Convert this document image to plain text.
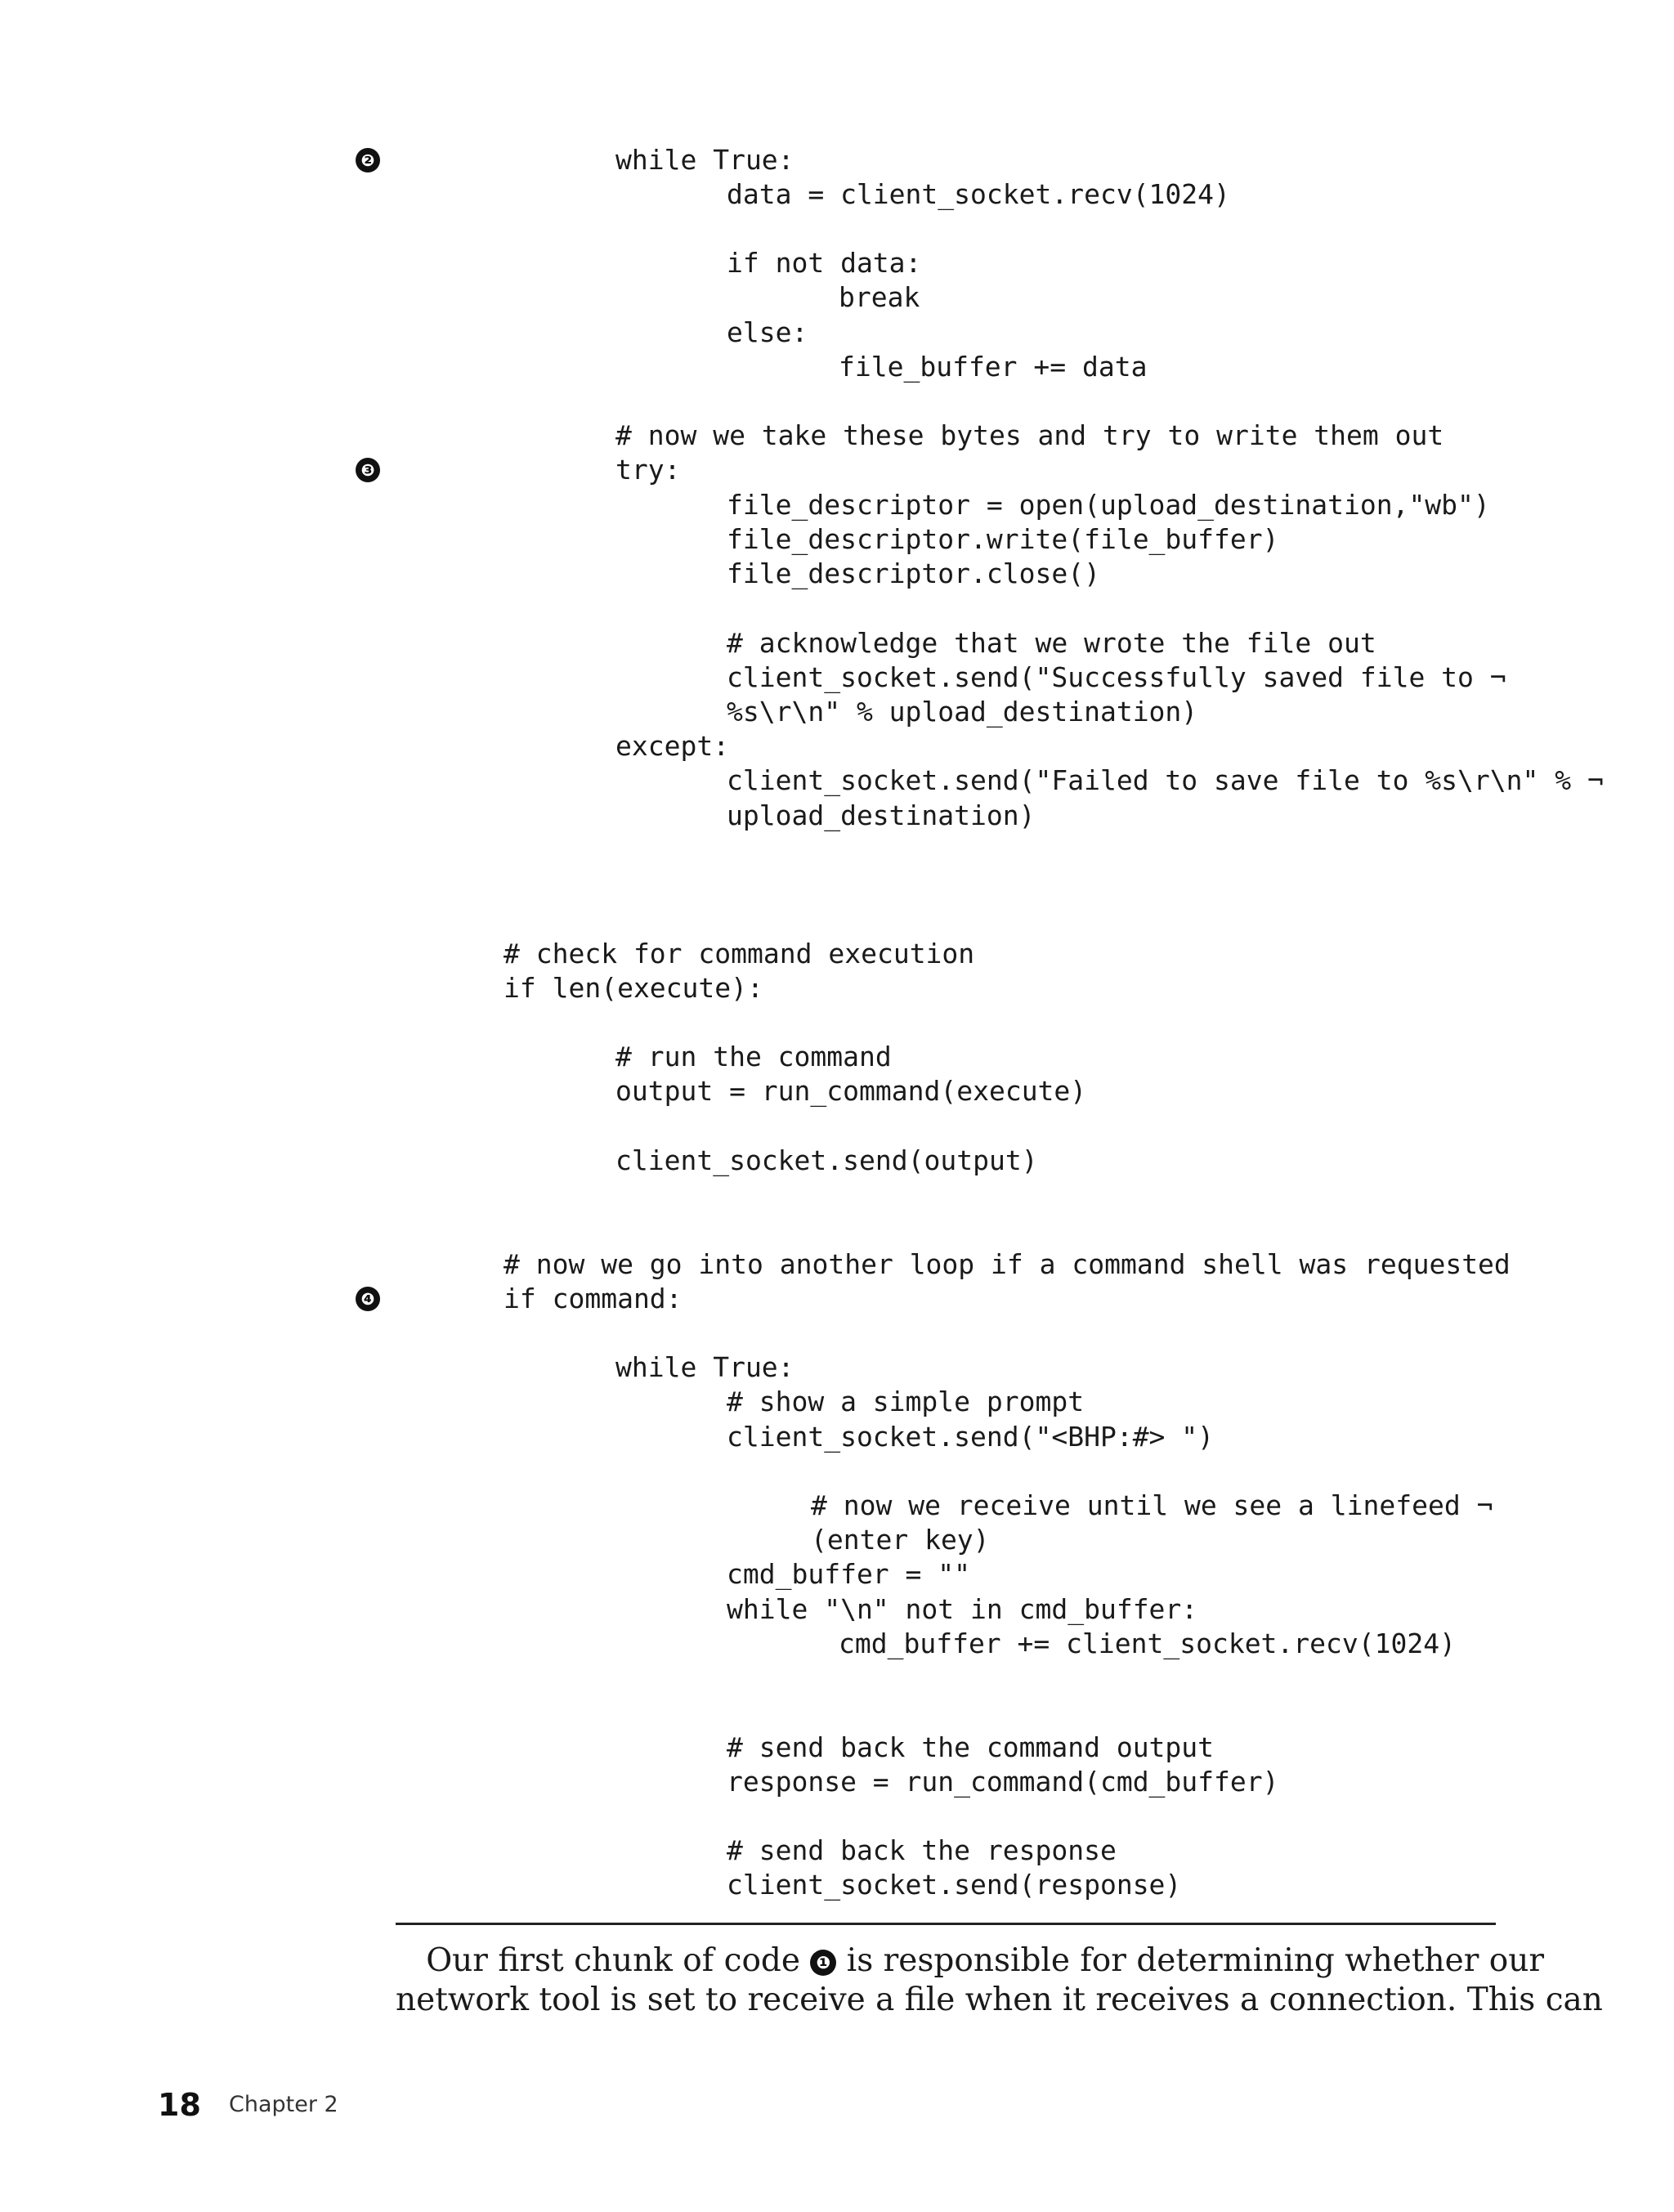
❷
❸
❹
while True:
data = client_socket.recv(1024)
if not data:
break
else:
file_buffer += data
# now we take these bytes and try to write them out
try:
file_descriptor = open(upload_destination,"wb")
file_descriptor.write(file_buffer)
file_descriptor.close()
# acknowledge that we wrote the file out
client_socket.send("Successfully saved file to ¬
%s\r\n" % upload_destination)
except:
client_socket.send("Failed to save file to %s\r\n" % ¬
upload_destination)
# check for command execution
if len(execute):
# run the command
output = run_command(execute)
client_socket.send(output)
# now we go into another loop if a command shell was requested
if command:
while True:
# show a simple prompt
client_socket.send("<BHP:#> ")
# now we receive until we see a linefeed ¬
(enter key)
cmd_buffer = ""
while "\n" not in cmd_buffer:
cmd_buffer += client_socket.recv(1024)
# send back the command output
response = run_command(cmd_buffer)
# send back the response
client_socket.send(response)
Our first chunk of code ❶ is responsible for determining whether our
network tool is set to receive a file when it receives a connection. This can
18 Chapter 2
